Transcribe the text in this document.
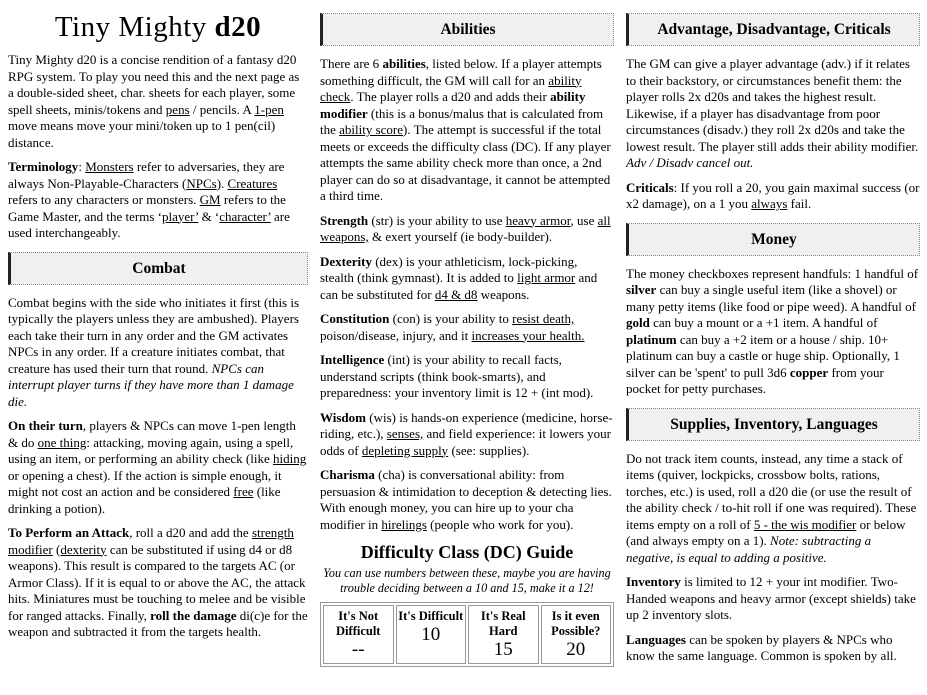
Tiny Mighty d20

Tiny Mighty d20 is a concise rendition of a fantasy d20 RPG system. To play you need this and the next page as a double-sided sheet, char. sheets for each player, some spell sheets, minis/tokens and pens / pencils. A 1-pen move means move your mini/token up to 1 pen(cil) distance.

Terminology: Monsters refer to adversaries, they are always Non-Playable-Characters (NPCs). Creatures refers to any characters or monsters. GM refers to the Game Master, and the terms ‘player’ & ‘character’ are used interchangeably.

Combat

Combat begins with the side who initiates it first (this is typically the players unless they are ambushed). Players each take their turn in any order and the GM activates NPCs in any order. If a creature initiates combat, that creature has used their turn that round. NPCs can interrupt player turns if they have more than 1 damage die.

On their turn, players & NPCs can move 1-pen length & do one thing: attacking, moving again, using a spell, using an item, or performing an ability check (like hiding or opening a chest). If the action is simple enough, it might not cost an action and be considered free (like drinking a potion).

To Perform an Attack, roll a d20 and add the strength modifier (dexterity can be substituted if using d4 or d8 weapons). This result is compared to the targets AC (or Armor Class). If it is equal to or above the AC, the attack hits. Miniatures must be touching to melee and be visible for ranged attacks. Finally, roll the damage di(c)e for the weapon and subtracted it from the targets health.

Abilities

There are 6 abilities, listed below. If a player attempts something difficult, the GM will call for an ability check. The player rolls a d20 and adds their ability modifier (this is a bonus/malus that is calculated from the ability score). The attempt is successful if the total meets or exceeds the difficulty class (DC). If any player attempts the same ability check more than once, a 2nd player can do so at disadvantage, it cannot be attempted a third time.

Strength (str) is your ability to use heavy armor, use all weapons, & exert yourself (ie body-builder).

Dexterity (dex) is your athleticism, lock-picking, stealth (think gymnast). It is added to light armor and can be substituted for d4 & d8 weapons.

Constitution (con) is your ability to resist death, poison/disease, injury, and it increases your health.

Intelligence (int) is your ability to recall facts, understand scripts (think book-smarts), and preparedness: your inventory limit is 12 + (int mod).

Wisdom (wis) is hands-on experience (medicine, horse-riding, etc.), senses, and field experience: it lowers your odds of depleting supply (see: supplies).

Charisma (cha) is conversational ability: from persuasion & intimidation to deception & detecting lies. With enough money, you can hire up to your cha modifier in hirelings (people who work for you).

Difficulty Class (DC) Guide
You can use numbers between these, maybe you are having trouble deciding between a 10 and 15, make it a 12!
It's Not Difficult
--

It's Difficult
10

It's Real Hard
15

Is it even Possible?
20
Advantage, Disadvantage, Criticals

The GM can give a player advantage (adv.) if it relates to their backstory, or circumstances benefit them: the player rolls 2x d20s and takes the highest result. Likewise, if a player has disadvantage from poor circumstances (disadv.) they roll 2x d20s and take the lowest result. The player still adds their ability modifier. Adv / Disadv cancel out.

Criticals: If you roll a 20, you gain maximal success (or x2 damage), on a 1 you always fail.

Money

The money checkboxes represent handfuls: 1 handful of silver can buy a single useful item (like a shovel) or many petty items (like food or pipe weed). A handful of gold can buy a mount or a +1 item. A handful of platinum can buy a +2 item or a house / ship. 10+ platinum can buy a castle or huge ship. Optionally, 1 silver can be 'spent' to pull 3d6 copper from your pocket for petty purchases.

Supplies, Inventory, Languages

Do not track item counts, instead, any time a stack of items (quiver, lockpicks, crossbow bolts, rations, torches, etc.) is used, roll a d20 die (or use the result of the ability check / to-hit roll if one was required). These items empty on a roll of 5 - the wis modifier or below (and always empty on a 1). Note: subtracting a negative, is equal to adding a positive.

Inventory is limited to 12 + your int modifier. Two-Handed weapons and heavy armor (except shields) take up 2 inventory slots.

Languages can be spoken by players & NPCs who know the same language. Common is spoken by all.
